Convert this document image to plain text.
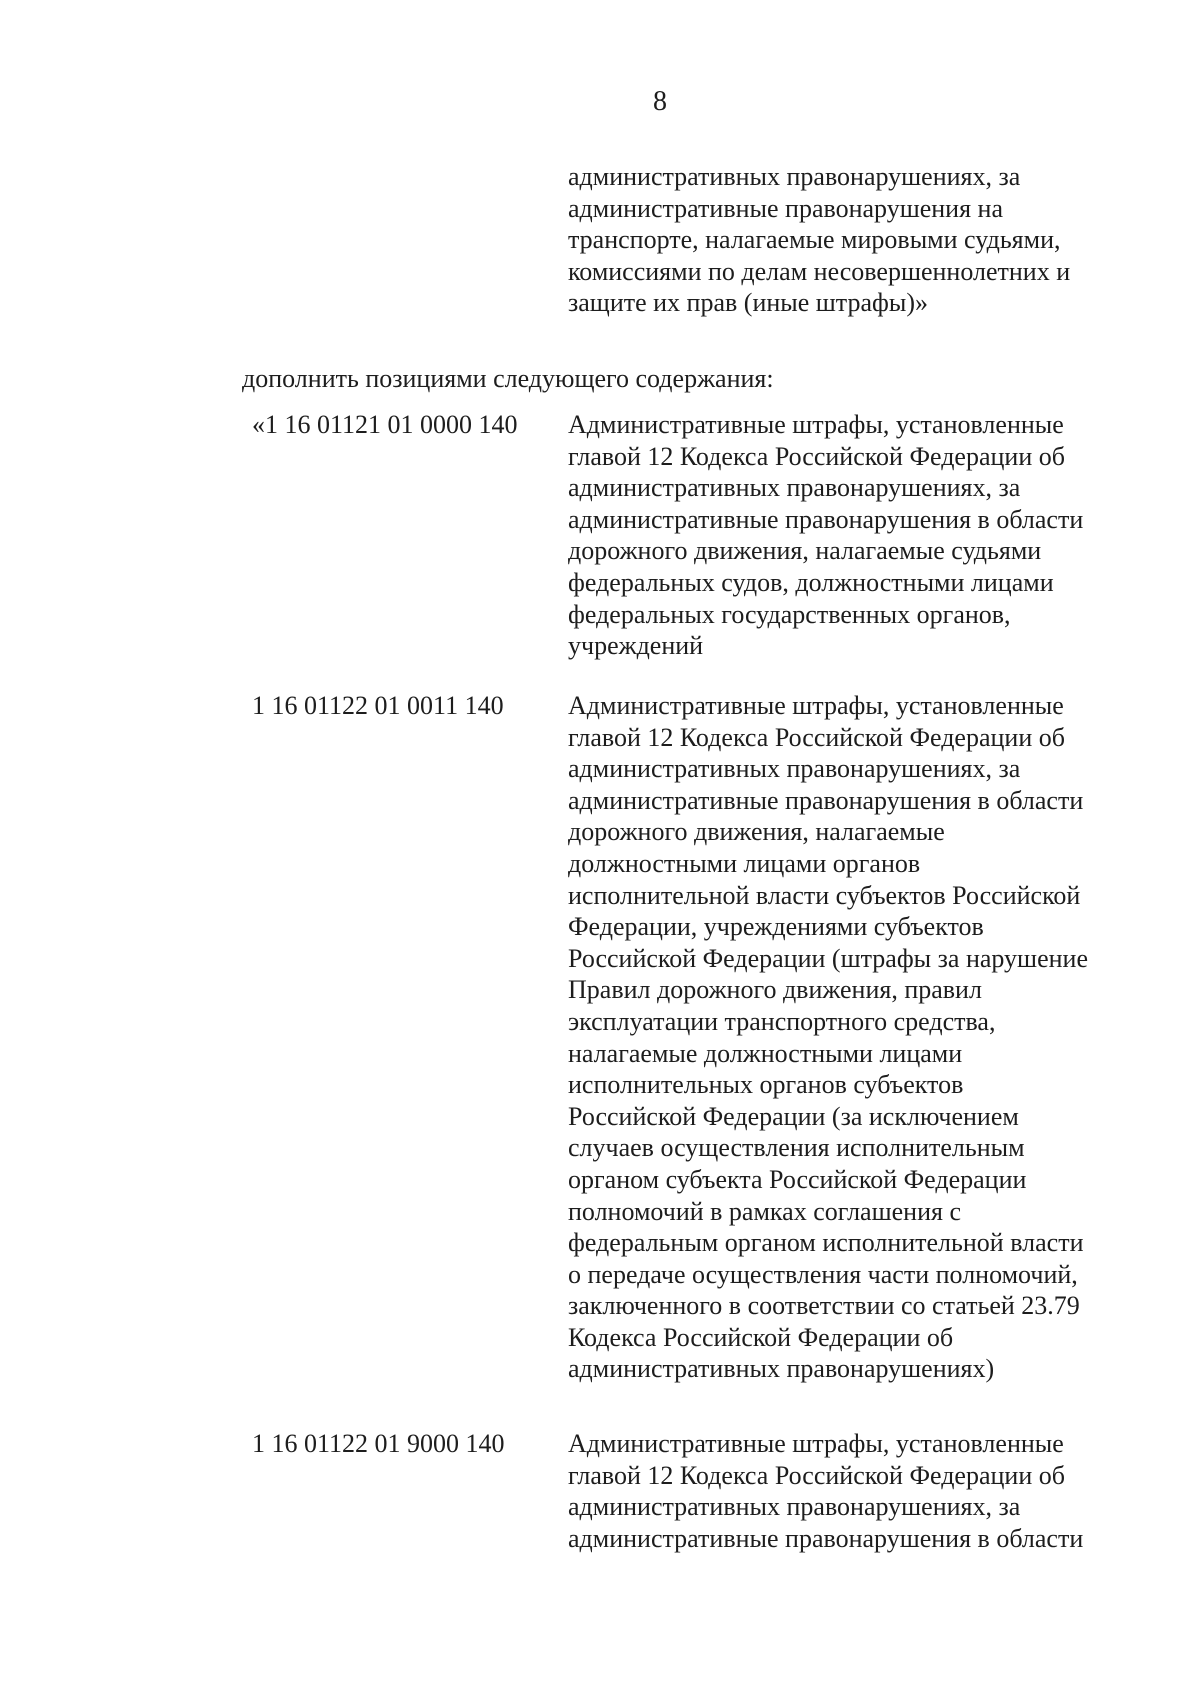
8
административных правонарушениях, за
административные правонарушения на
транспорте, налагаемые мировыми судьями,
комиссиями по делам несовершеннолетних и
защите их прав (иные штрафы)»
дополнить позициями следующего содержания:
«1 16 01121 01 0000 140 Административные штрафы, установленные
главой 12 Кодекса Российской Федерации об
административных правонарушениях, за
административные правонарушения в области
дорожного движения, налагаемые судьями
федеральных судов, должностными лицами
федеральных государственных органов,
учреждений
1 16 01122 01 0011 140 Административные штрафы, установленные
главой 12 Кодекса Российской Федерации об
административных правонарушениях, за
административные правонарушения в области
дорожного движения, налагаемые
должностными лицами органов
исполнительной власти субъектов Российской
Федерации, учреждениями субъектов
Российской Федерации (штрафы за нарушение
Правил дорожного движения, правил
эксплуатации транспортного средства,
налагаемые должностными лицами
исполнительных органов субъектов
Российской Федерации (за исключением
случаев осуществления исполнительным
органом субъекта Российской Федерации
полномочий в рамках соглашения с
федеральным органом исполнительной власти
о передаче осуществления части полномочий,
заключенного в соответствии со статьей 23.79
Кодекса Российской Федерации об
административных правонарушениях)
1 16 01122 01 9000 140 Административные штрафы, установленные
главой 12 Кодекса Российской Федерации об
административных правонарушениях, за
административные правонарушения в области
